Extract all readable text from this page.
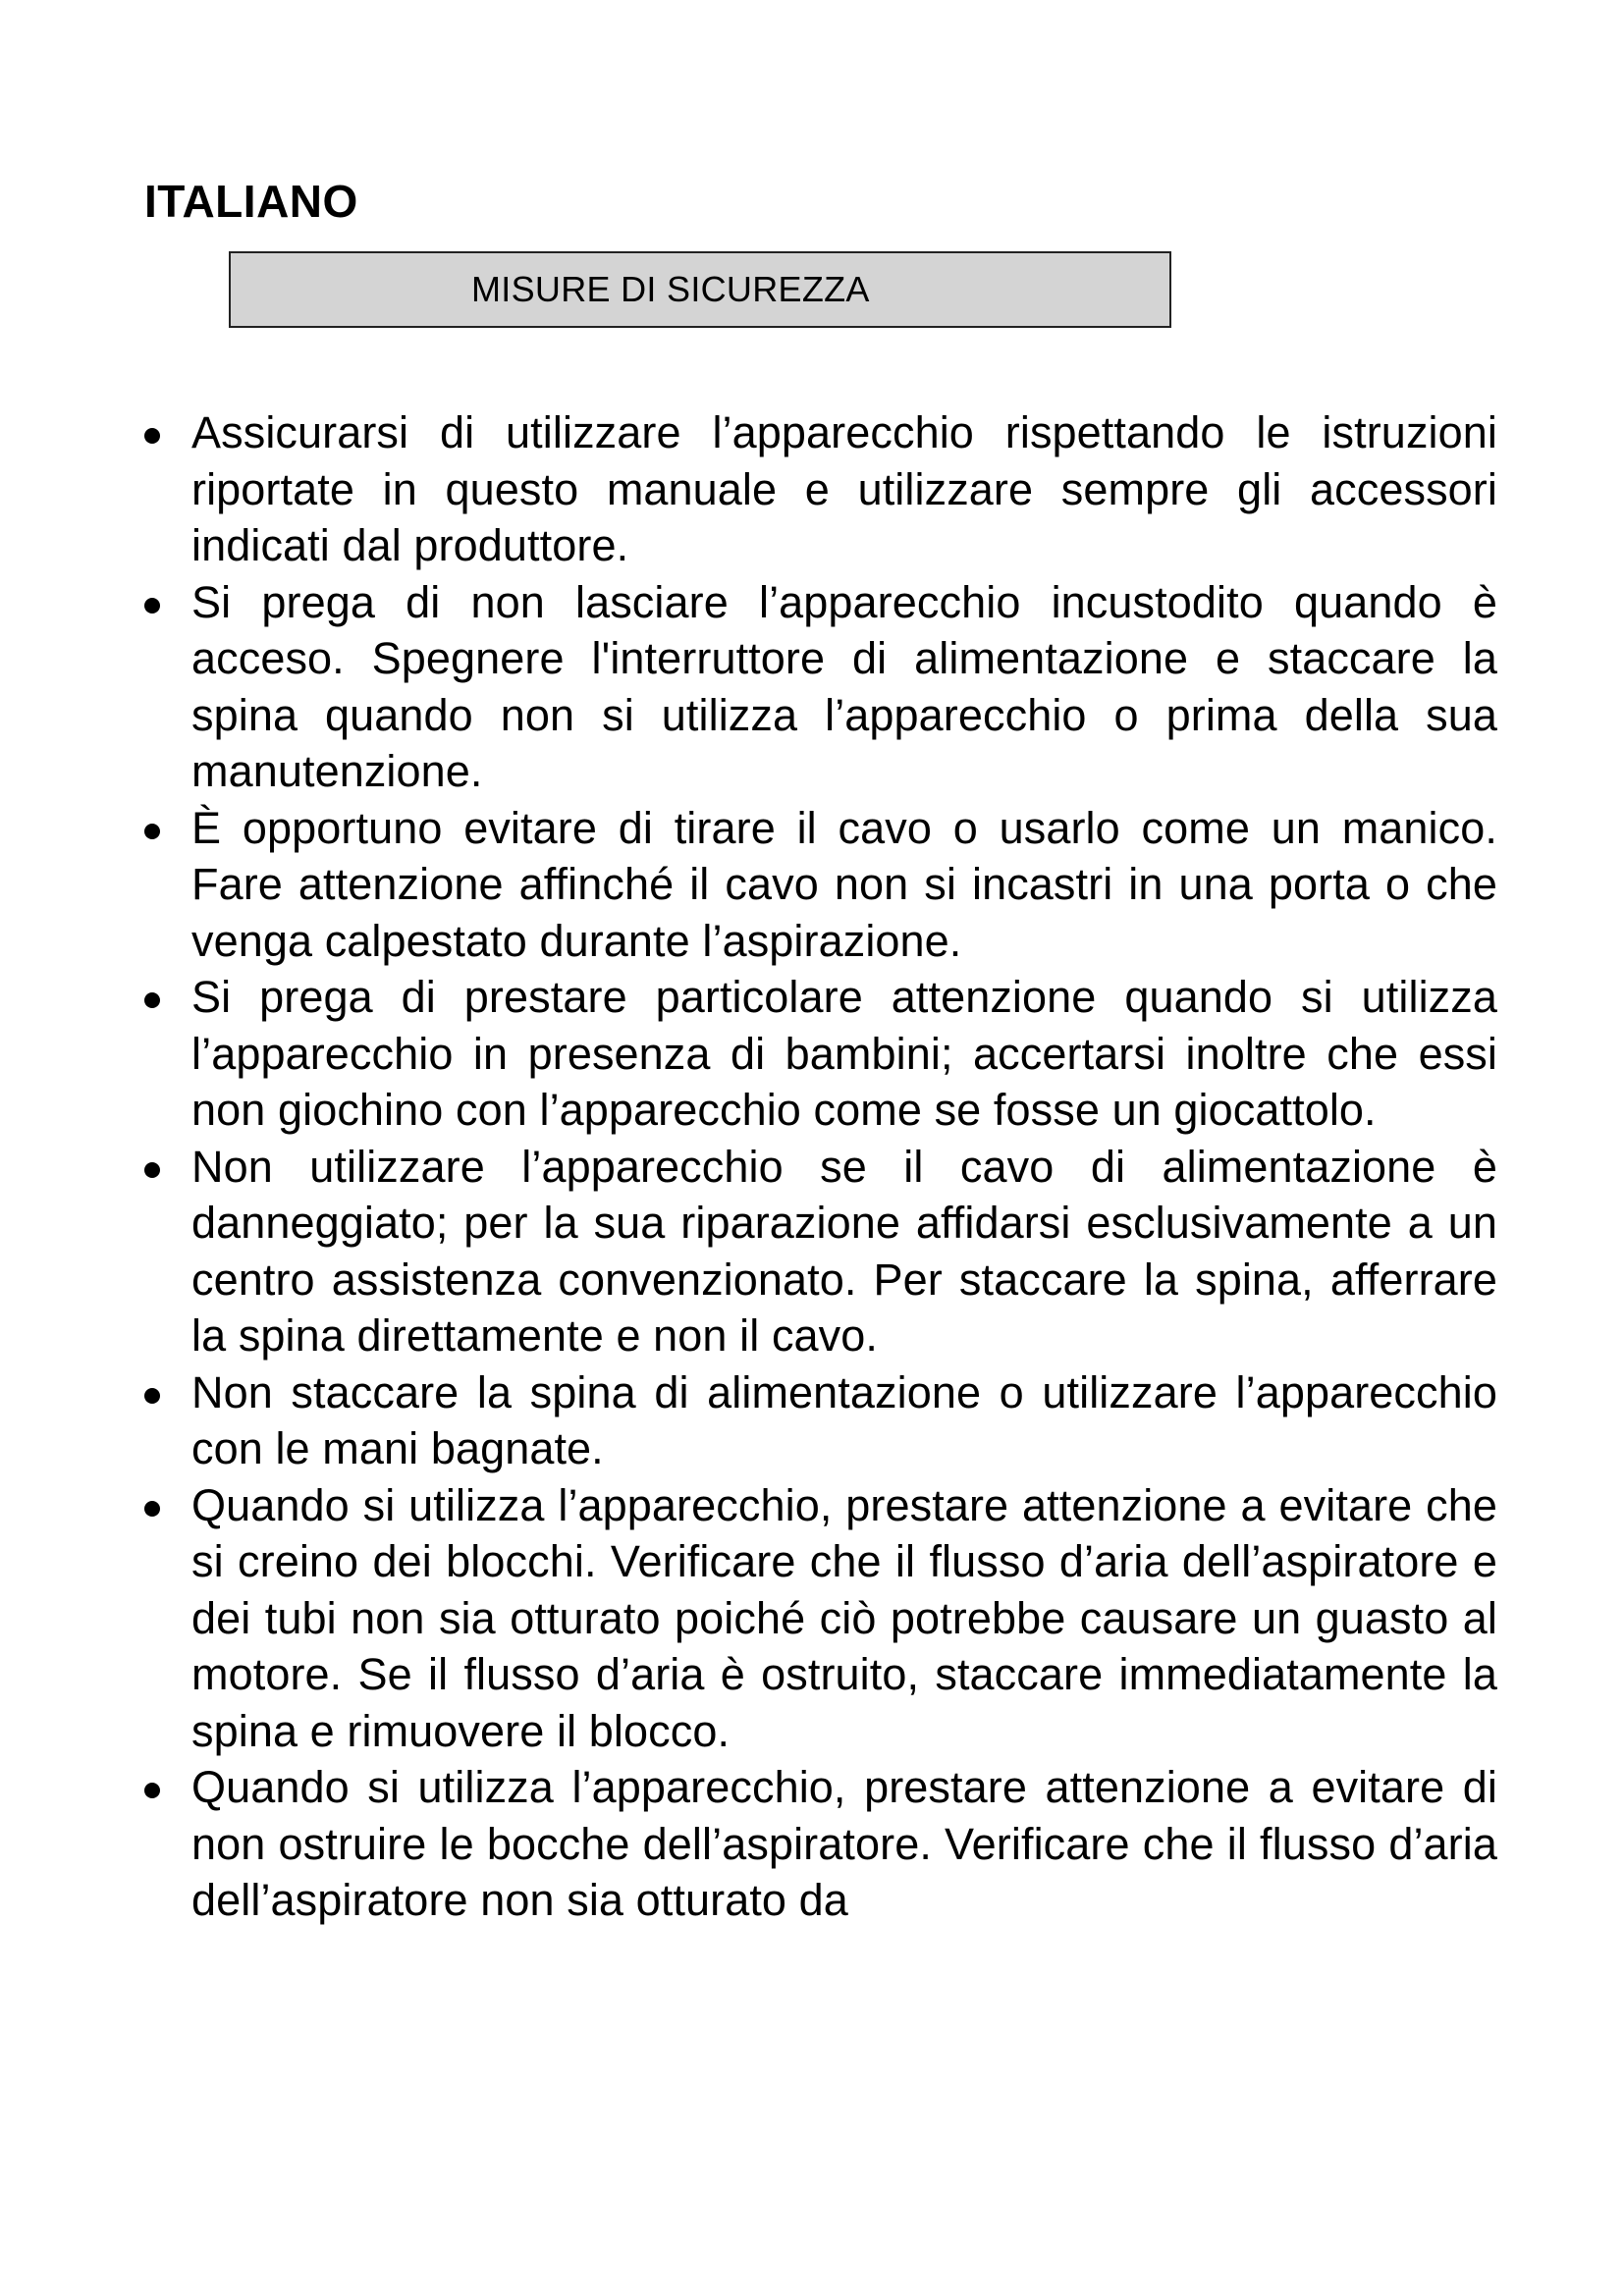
ITALIANO
MISURE DI SICUREZZA
Assicurarsi di utilizzare l’apparecchio rispettando le istruzioni riportate in questo manuale e utilizzare sempre gli accessori indicati dal produttore.
Si prega di non lasciare l’apparecchio incustodito quando è acceso. Spegnere l'interruttore di alimentazione e staccare la spina quando non si utilizza l’apparecchio o prima della sua manutenzione.
È opportuno evitare di tirare il cavo o usarlo come un manico. Fare attenzione affinché il cavo non si incastri in una porta o che venga calpestato durante l’aspirazione.
Si prega di prestare particolare attenzione quando si utilizza l’apparecchio in presenza di bambini; accertarsi inoltre che essi non giochino con l’apparecchio come se fosse un giocattolo.
Non utilizzare l’apparecchio se il cavo di alimentazione è danneggiato; per la sua riparazione affidarsi esclusivamente a un centro assistenza convenzionato. Per staccare la spina, afferrare la spina direttamente e non il cavo.
Non staccare la spina di alimentazione o utilizzare l’apparecchio con le mani bagnate.
Quando si utilizza l’apparecchio, prestare attenzione a evitare che si creino dei blocchi. Verificare che il flusso d’aria dell’aspiratore e dei tubi non sia otturato poiché ciò potrebbe causare un guasto al motore. Se il flusso d’aria è ostruito, staccare immediatamente la spina e rimuovere il blocco.
Quando si utilizza l’apparecchio, prestare attenzione a evitare di non ostruire le bocche dell’aspiratore. Verificare che il flusso d’aria dell’aspiratore non sia otturato da
